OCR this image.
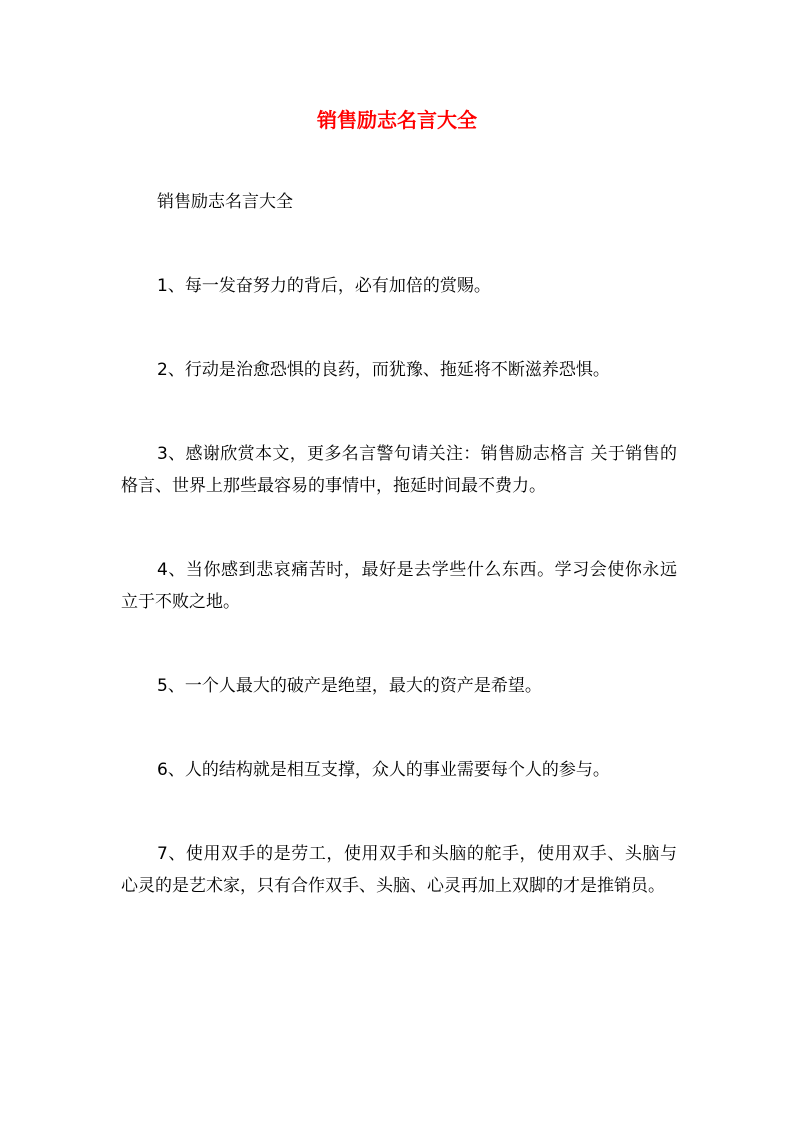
销售励志名言大全

销售励志名言大全

1、每一发奋努力的背后，必有加倍的赏赐。

2、行动是治愈恐惧的良药，而犹豫、拖延将不断滋养恐惧。

3、感谢欣赏本文，更多名言警句请关注：销售励志格言 关于销售的格言、世界上那些最容易的事情中，拖延时间最不费力。

4、当你感到悲哀痛苦时，最好是去学些什么东西。学习会使你永远立于不败之地。

5、一个人最大的破产是绝望，最大的资产是希望。

6、人的结构就是相互支撑，众人的事业需要每个人的参与。

7、使用双手的是劳工，使用双手和头脑的舵手，使用双手、头脑与心灵的是艺术家，只有合作双手、头脑、心灵再加上双脚的才是推销员。
